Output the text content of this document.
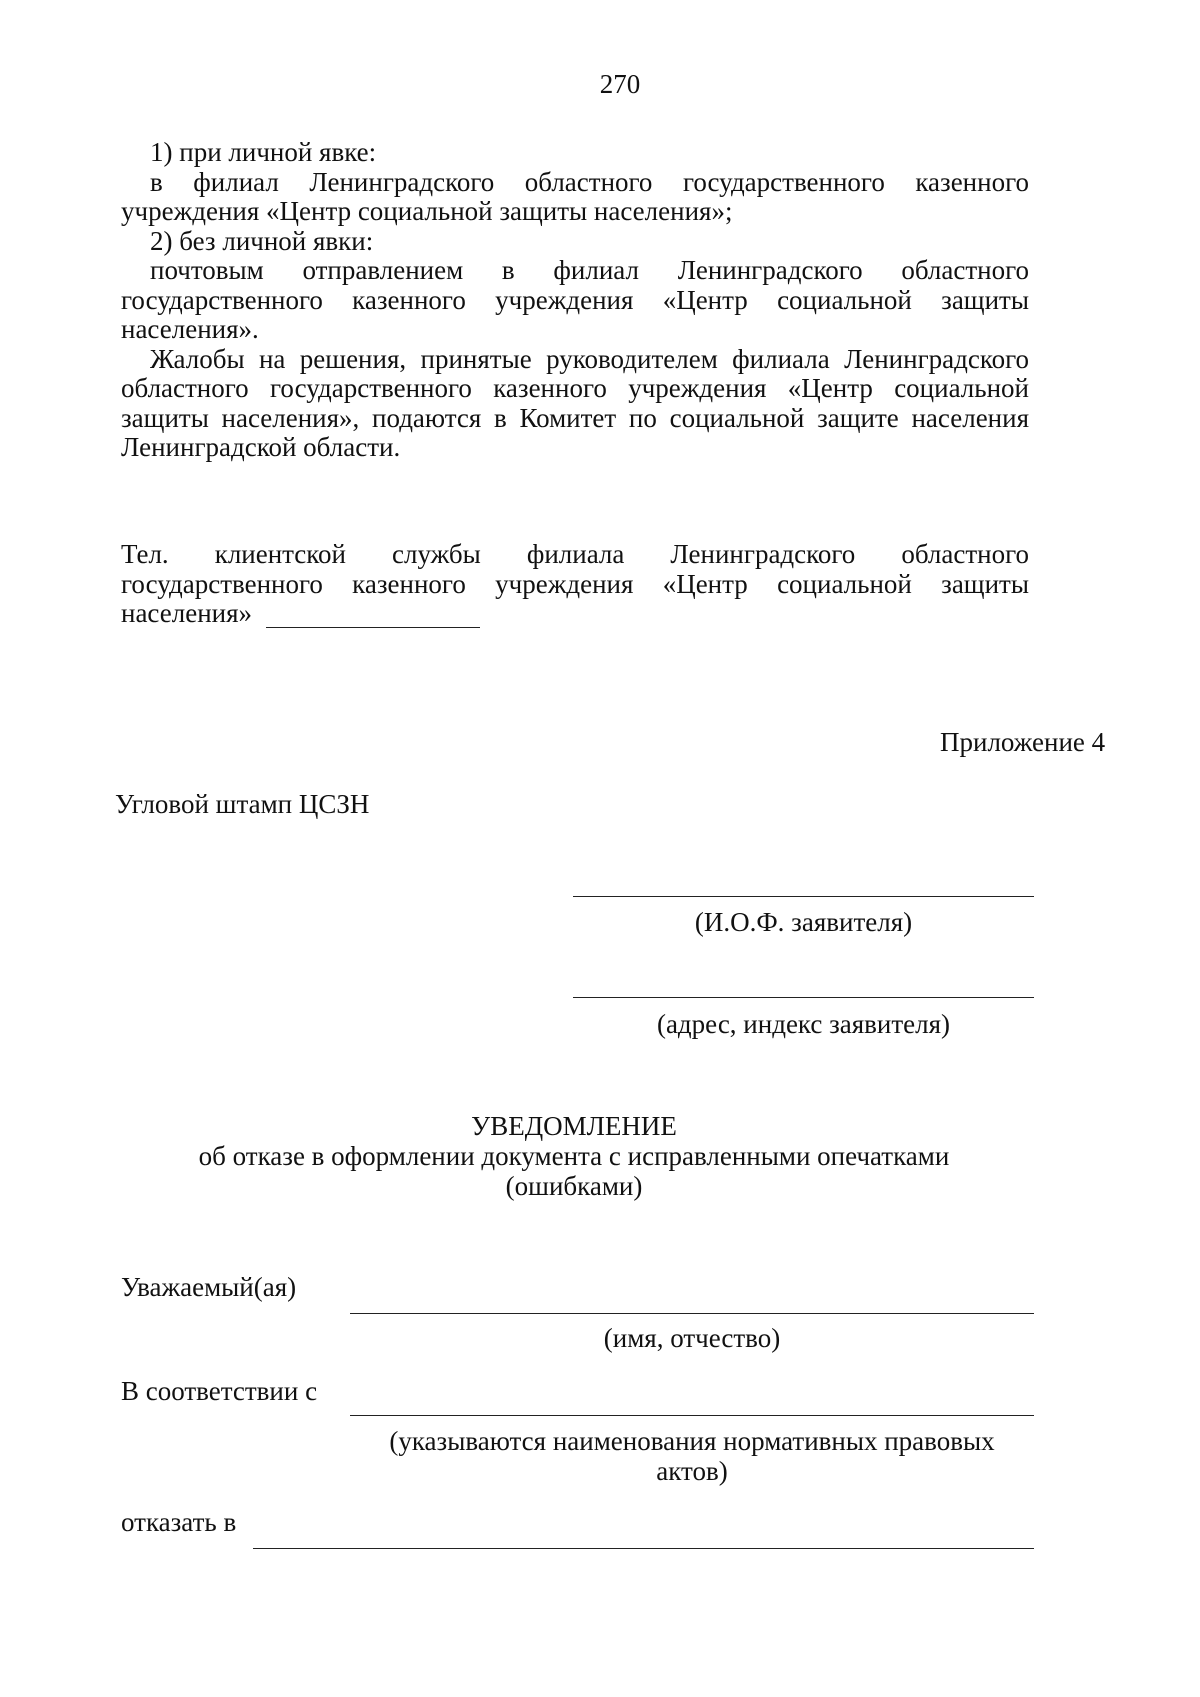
270
1) при личной явке:
в филиал Ленинградского областного государственного казенного учреждения «Центр социальной защиты населения»;
2) без личной явки:
почтовым отправлением в филиал Ленинградского областного государственного казенного учреждения «Центр социальной защиты населения».
Жалобы на решения, принятые руководителем филиала Ленинградского областного государственного казенного учреждения «Центр социальной защиты населения», подаются в Комитет по социальной защите населения Ленинградской области.
Тел. клиентской службы филиала Ленинградского областного
государственного казенного учреждения «Центр социальной защиты
населения»
Приложение 4
Угловой штамп ЦСЗН
(И.О.Ф. заявителя)
(адрес, индекс заявителя)
УВЕДОМЛЕНИЕ
об отказе в оформлении документа с исправленными опечатками
(ошибками)
Уважаемый(ая)
(имя, отчество)
В соответствии с
(указываются наименования нормативных правовых
актов)
отказать в
